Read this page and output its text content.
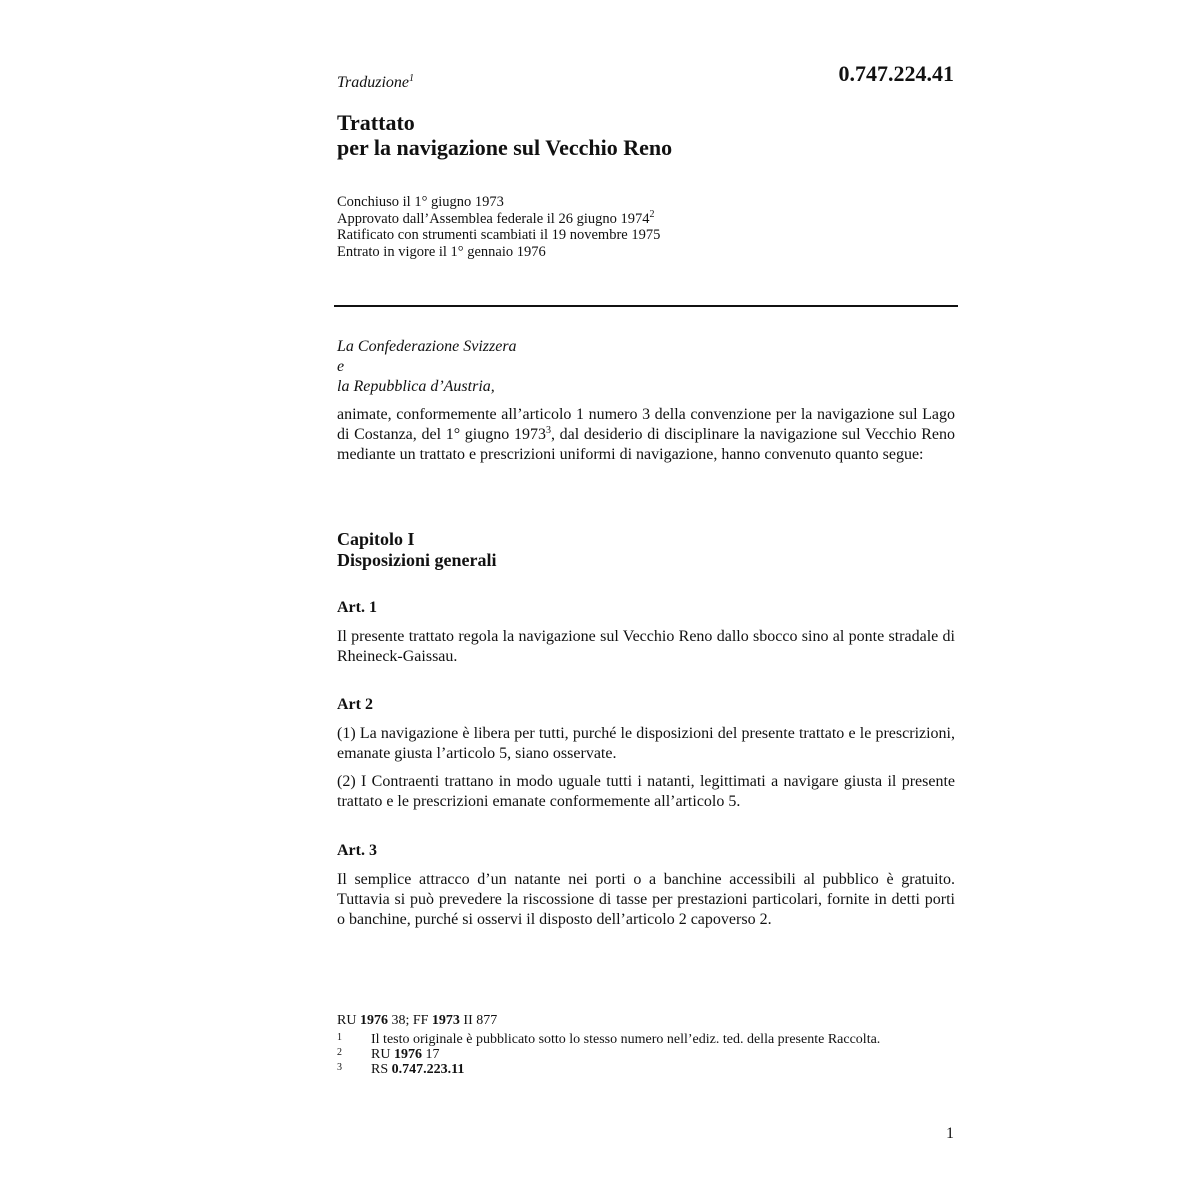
Traduzione$^1$	0.747.224.41
Trattato
per la navigazione sul Vecchio Reno
Conchiuso il 1° giugno 1973
Approvato dall’Assemblea federale il 26 giugno 1974$^2$
Ratificato con strumenti scambiati il 19 novembre 1975
Entrato in vigore il 1° gennaio 1976
La Confederazione Svizzera
e
la Repubblica d’Austria,
animate, conformemente all’articolo 1 numero 3 della convenzione per la navigazione sul Lago di Costanza, del 1° giugno 1973$^3$, dal desiderio di disciplinare la navigazione sul Vecchio Reno mediante un trattato e prescrizioni uniformi di navigazione, hanno convenuto quanto segue:
Capitolo I
Disposizioni generali
Art. 1
Il presente trattato regola la navigazione sul Vecchio Reno dallo sbocco sino al ponte stradale di Rheineck-Gaissau.
Art 2
(1) La navigazione è libera per tutti, purché le disposizioni del presente trattato e le prescrizioni, emanate giusta l’articolo 5, siano osservate.
(2) I Contraenti trattano in modo uguale tutti i natanti, legittimati a navigare giusta il presente trattato e le prescrizioni emanate conformemente all’articolo 5.
Art. 3
Il semplice attracco d’un natante nei porti o a banchine accessibili al pubblico è gratuito. Tuttavia si può prevedere la riscossione di tasse per prestazioni particolari, fornite in detti porti o banchine, purché si osservi il disposto dell’articolo 2 capoverso 2.
RU 1976 38; FF 1973 II 877
1	Il testo originale è pubblicato sotto lo stesso numero nell’ediz. ted. della presente Raccolta.
2	RU 1976 17
3	RS 0.747.223.11
1
